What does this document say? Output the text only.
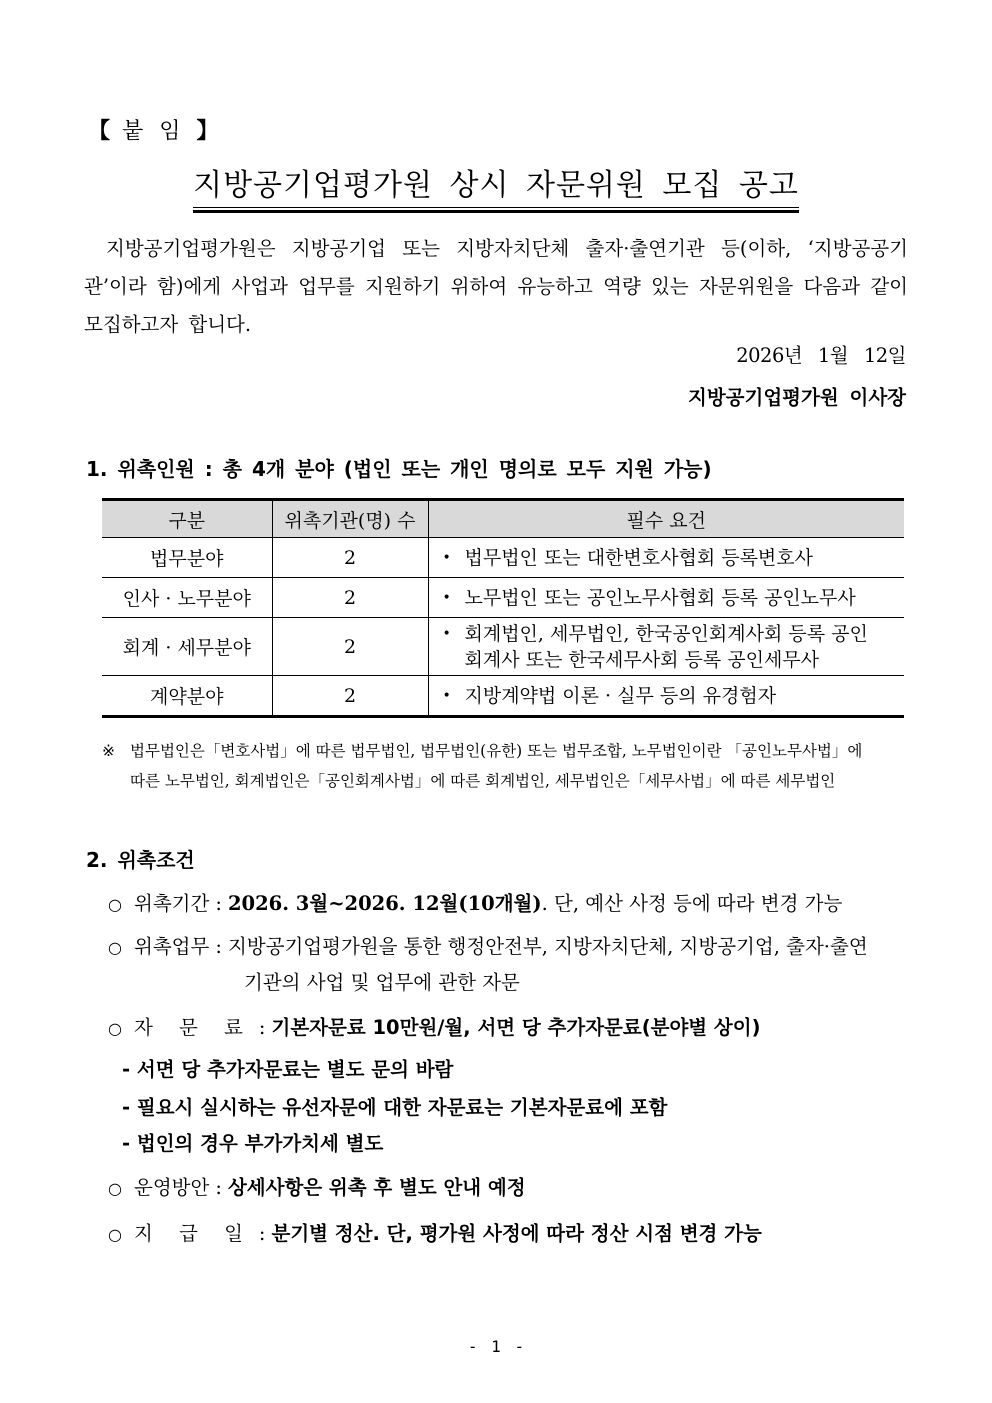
【 붙임】
지방공기업평가원 상시 자문위원 모집 공고
지방공기업평가원은 지방공기업 또는 지방자치단체 출자·출연기관 등(이하, ‘지방공공기관’이라 함)에게 사업과 업무를 지원하기 위하여 유능하고 역량 있는 자문위원을 다음과 같이 모집하고자 합니다.
2026년 1월 12일
지방공기업평가원 이사장
1. 위촉인원 : 총 4개 분야 (법인 또는 개인 명의로 모두 지원 가능)
구분	위촉기관(명) 수	필수 요건
법무분야	2	• 법무법인 또는 대한변호사협회 등록변호사

인사 · 노무분야	2	• 노무법인 또는 공인노무사협회 등록 공인노무사

회계 · 세무분야	2	• 회계법인, 세무법인, 한국공인회계사회 등록 공인
회계사 또는 한국세무사회 등록 공인세무사

계약분야	2	• 지방계약법 이론 · 실무 등의 유경험자
※ 법무법인은「변호사법」에 따른 법무법인, 법무법인(유한) 또는 법무조합, 노무법인이란 「공인노무사법」에
따른 노무법인, 회계법인은「공인회계사법」에 따른 회계법인, 세무법인은「세무사법」에 따른 세무법인
2. 위촉조건
○ 위촉기간 : 2026. 3월~2026. 12월(10개월). 단, 예산 사정 등에 따라 변경 가능
○ 위촉업무 : 지방공기업평가원을 통한 행정안전부, 지방자치단체, 지방공기업, 출자·출연
기관의 사업 및 업무에 관한 자문
○ 자 문 료 : 기본자문료 10만원/월, 서면 당 추가자문료(분야별 상이)
- 서면 당 추가자문료는 별도 문의 바람
- 필요시 실시하는 유선자문에 대한 자문료는 기본자문료에 포함
- 법인의 경우 부가가치세 별도
○ 운영방안 : 상세사항은 위촉 후 별도 안내 예정
○ 지 급 일 : 분기별 정산. 단, 평가원 사정에 따라 정산 시점 변경 가능
- 1 -
